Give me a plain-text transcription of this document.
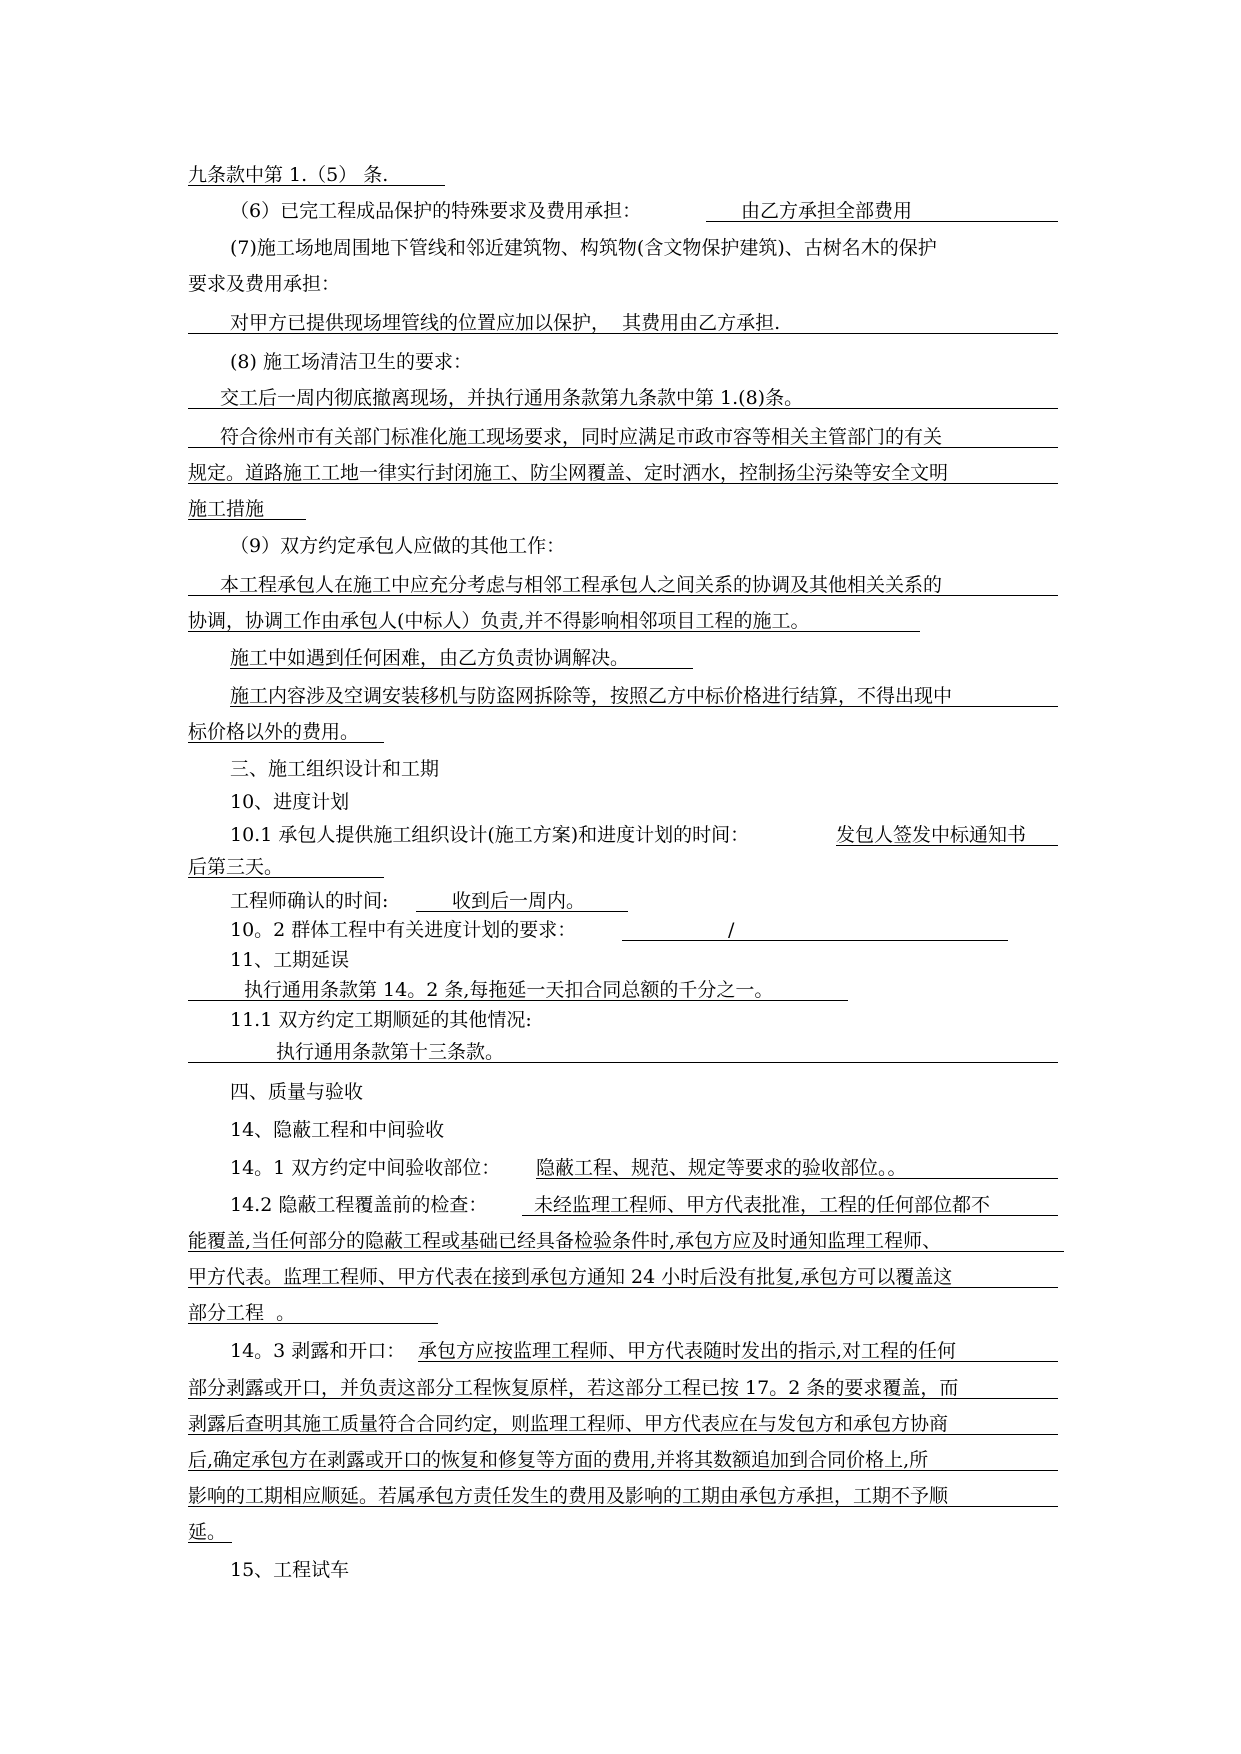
九条款中第 1.（5） 条.
（6）已完工程成品保护的特殊要求及费用承担：	由乙方承担全部费用
(7)施工场地周围地下管线和邻近建筑物、构筑物(含文物保护建筑)、古树名木的保护
要求及费用承担：
对甲方已提供现场埋管线的位置应加以保护，  其费用由乙方承担.
(8) 施工场清洁卫生的要求：
交工后一周内彻底撤离现场，并执行通用条款第九条款中第 1.(8)条。
符合徐州市有关部门标准化施工现场要求，同时应满足市政市容等相关主管部门的有关
规定。道路施工工地一律实行封闭施工、防尘网覆盖、定时洒水，控制扬尘污染等安全文明
施工措施
（9）双方约定承包人应做的其他工作：
本工程承包人在施工中应充分考虑与相邻工程承包人之间关系的协调及其他相关关系的
协调，协调工作由承包人(中标人）负责,并不得影响相邻项目工程的施工。
施工中如遇到任何困难，由乙方负责协调解决。
施工内容涉及空调安装移机与防盗网拆除等，按照乙方中标价格进行结算，不得出现中
标价格以外的费用。
三、施工组织设计和工期
10、进度计划
10.1 承包人提供施工组织设计(施工方案)和进度计划的时间：	发包人签发中标通知书
后第三天。
工程师确认的时间:	收到后一周内。
10。2 群体工程中有关进度计划的要求：	/
11、工期延误
执行通用条款第 14。2 条,每拖延一天扣合同总额的千分之一。
11.1 双方约定工期顺延的其他情况:
执行通用条款第十三条款。
四、质量与验收
14、隐蔽工程和中间验收
14。1 双方约定中间验收部位： 隐蔽工程、规范、规定等要求的验收部位。。
14.2 隐蔽工程覆盖前的检查： 未经监理工程师、甲方代表批准，工程的任何部位都不
能覆盖,当任何部分的隐蔽工程或基础已经具备检验条件时,承包方应及时通知监理工程师、
甲方代表。监理工程师、甲方代表在接到承包方通知 24 小时后没有批复,承包方可以覆盖这
部分工程  。
14。3 剥露和开口： 承包方应按监理工程师、甲方代表随时发出的指示,对工程的任何
部分剥露或开口，并负责这部分工程恢复原样，若这部分工程已按 17。2 条的要求覆盖，而
剥露后查明其施工质量符合合同约定，则监理工程师、甲方代表应在与发包方和承包方协商
后,确定承包方在剥露或开口的恢复和修复等方面的费用,并将其数额追加到合同价格上,所
影响的工期相应顺延。若属承包方责任发生的费用及影响的工期由承包方承担，工期不予顺
延。
15、工程试车
